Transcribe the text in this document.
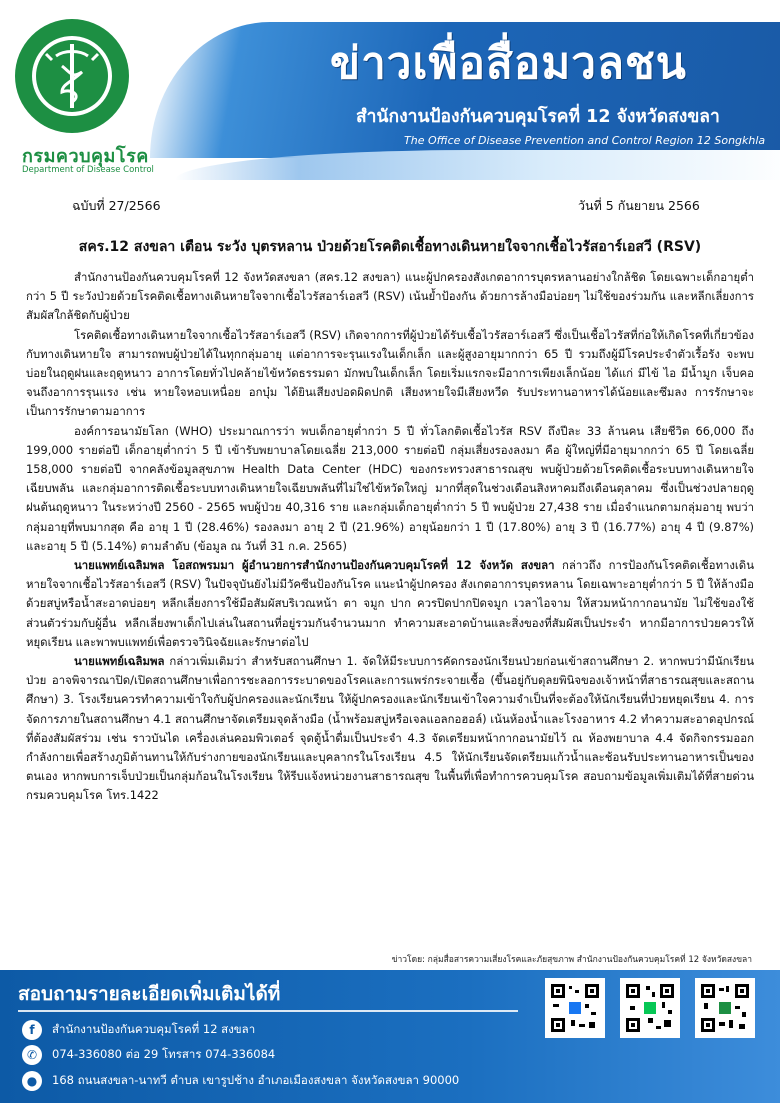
กรมควบคุมโรค
Department of Disease Control
ข่าวเพื่อสื่อมวลชน
สำนักงานป้องกันควบคุมโรคที่ 12 จังหวัดสงขลา
The Office of Disease Prevention and Control Region 12 Songkhla
ฉบับที่ 27/2566	วันที่ 5 กันยายน 2566
สคร.12 สงขลา เตือน ระวัง บุตรหลาน ป่วยด้วยโรคติดเชื้อทางเดินหายใจจากเชื้อไวรัสอาร์เอสวี (RSV)

สำนักงานป้องกันควบคุมโรคที่ 12 จังหวัดสงขลา (สคร.12 สงขลา) แนะผู้ปกครองสังเกตอาการบุตรหลานอย่างใกล้ชิด โดยเฉพาะเด็กอายุต่ำกว่า 5 ปี ระวังป่วยด้วยโรคติดเชื้อทางเดินหายใจจากเชื้อไวรัสอาร์เอสวี (RSV) เน้นย้ำป้องกัน ด้วยการล้างมือบ่อยๆ ไม่ใช้ของร่วมกัน และหลีกเลี่ยงการสัมผัสใกล้ชิดกับผู้ป่วย

โรคติดเชื้อทางเดินหายใจจากเชื้อไวรัสอาร์เอสวี (RSV) เกิดจากการที่ผู้ป่วยได้รับเชื้อไวรัสอาร์เอสวี ซึ่งเป็นเชื้อไวรัสที่ก่อให้เกิดโรคที่เกี่ยวข้องกับทางเดินหายใจ สามารถพบผู้ป่วยได้ในทุกกลุ่มอายุ แต่อาการจะรุนแรงในเด็กเล็ก และผู้สูงอายุมากกว่า 65 ปี รวมถึงผู้มีโรคประจำตัวเรื้อรัง จะพบบ่อยในฤดูฝนและฤดูหนาว อาการโดยทั่วไปคล้ายไข้หวัดธรรมดา มักพบในเด็กเล็ก โดยเริ่มแรกจะมีอาการเพียงเล็กน้อย ได้แก่ มีไข้ ไอ มีน้ำมูก เจ็บคอ จนถึงอาการรุนแรง เช่น หายใจหอบเหนื่อย อกบุ๋ม ได้ยินเสียงปอดผิดปกติ เสียงหายใจมีเสียงหวีด รับประทานอาหารได้น้อยและซึมลง การรักษาจะเป็นการรักษาตามอาการ

องค์การอนามัยโลก (WHO) ประมาณการว่า พบเด็กอายุต่ำกว่า 5 ปี ทั่วโลกติดเชื้อไวรัส RSV ถึงปีละ 33 ล้านคน เสียชีวิต 66,000 ถึง 199,000 รายต่อปี เด็กอายุต่ำกว่า 5 ปี เข้ารับพยาบาลโดยเฉลี่ย 213,000 รายต่อปี กลุ่มเสี่ยงรองลงมา คือ ผู้ใหญ่ที่มีอายุมากกว่า 65 ปี โดยเฉลี่ย 158,000 รายต่อปี จากคลังข้อมูลสุขภาพ Health Data Center (HDC) ของกระทรวงสาธารณสุข พบผู้ป่วยด้วยโรคติดเชื้อระบบทางเดินหายใจเฉียบพลัน และกลุ่มอาการติดเชื้อระบบทางเดินหายใจเฉียบพลันที่ไม่ใช่ไข้หวัดใหญ่ มากที่สุดในช่วงเดือนสิงหาคมถึงเดือนตุลาคม ซึ่งเป็นช่วงปลายฤดูฝนต้นฤดูหนาว ในระหว่างปี 2560 - 2565 พบผู้ป่วย 40,316 ราย และกลุ่มเด็กอายุต่ำกว่า 5 ปี พบผู้ป่วย 27,438 ราย เมื่อจำแนกตามกลุ่มอายุ พบว่า กลุ่มอายุที่พบมากสุด คือ อายุ 1 ปี (28.46%) รองลงมา อายุ 2 ปี (21.96%) อายุน้อยกว่า 1 ปี (17.80%) อายุ 3 ปี (16.77%) อายุ 4 ปี (9.87%) และอายุ 5 ปี (5.14%) ตามลำดับ (ข้อมูล ณ วันที่ 31 ก.ค. 2565)

นายแพทย์เฉลิมพล โอสถพรมมา ผู้อำนวยการสำนักงานป้องกันควบคุมโรคที่ 12 จังหวัด สงขลา กล่าวถึง การป้องกันโรคติดเชื้อทางเดินหายใจจากเชื้อไวรัสอาร์เอสวี (RSV) ในปัจจุบันยังไม่มีวัคซีนป้องกันโรค แนะนำผู้ปกครอง สังเกตอาการบุตรหลาน โดยเฉพาะอายุต่ำกว่า 5 ปี ให้ล้างมือด้วยสบู่หรือน้ำสะอาดบ่อยๆ หลีกเลี่ยงการใช้มือสัมผัสบริเวณหน้า ตา จมูก ปาก ควรปิดปากปิดจมูก เวลาไอจาม ให้สวมหน้ากากอนามัย ไม่ใช้ของใช้ส่วนตัวร่วมกับผู้อื่น หลีกเลี่ยงพาเด็กไปเล่นในสถานที่อยู่รวมกันจำนวนมาก ทำความสะอาดบ้านและสิ่งของที่สัมผัสเป็นประจำ หากมีอาการป่วยควรให้หยุดเรียน และพาพบแพทย์เพื่อตรวจวินิจฉัยและรักษาต่อไป

นายแพทย์เฉลิมพล กล่าวเพิ่มเติมว่า สำหรับสถานศึกษา 1. จัดให้มีระบบการคัดกรองนักเรียนป่วยก่อนเข้าสถานศึกษา 2. หากพบว่ามีนักเรียนป่วย อาจพิจารณาปิด/เปิดสถานศึกษาเพื่อการชะลอการระบาดของโรคและการแพร่กระจายเชื้อ (ขึ้นอยู่กับดุลยพินิจของเจ้าหน้าที่สาธารณสุขและสถานศึกษา) 3. โรงเรียนควรทำความเข้าใจกับผู้ปกครองและนักเรียน ให้ผู้ปกครองและนักเรียนเข้าใจความจำเป็นที่จะต้องให้นักเรียนที่ป่วยหยุดเรียน 4. การจัดการภายในสถานศึกษา 4.1 สถานศึกษาจัดเตรียมจุดล้างมือ (น้ำพร้อมสบู่หรือเจลแอลกอฮอล์) เน้นห้องน้ำและโรงอาหาร 4.2 ทำความสะอาดอุปกรณ์ที่ต้องสัมผัสร่วม เช่น ราวบันได เครื่องเล่นคอมพิวเตอร์ จุดตู้น้ำดื่มเป็นประจำ 4.3 จัดเตรียมหน้ากากอนามัยไว้ ณ ห้องพยาบาล 4.4 จัดกิจกรรมออกกำลังกายเพื่อสร้างภูมิต้านทานให้กับร่างกายของนักเรียนและบุคลากรในโรงเรียน 4.5 ให้นักเรียนจัดเตรียมแก้วน้ำและช้อนรับประทานอาหารเป็นของตนเอง หากพบการเจ็บป่วยเป็นกลุ่มก้อนในโรงเรียน ให้รีบแจ้งหน่วยงานสาธารณสุข ในพื้นที่เพื่อทำการควบคุมโรค สอบถามข้อมูลเพิ่มเติมได้ที่สายด่วนกรมควบคุมโรค โทร.1422

ข่าวโดย: กลุ่มสื่อสารความเสี่ยงโรคและภัยสุขภาพ สำนักงานป้องกันควบคุมโรคที่ 12 จังหวัดสงขลา
สอบถามรายละเอียดเพิ่มเติมได้ที่
f	สำนักงานป้องกันควบคุมโรคที่ 12 สงขลา
✆	074-336080 ต่อ 29 โทรสาร 074-336084
●	168 ถนนสงขลา-นาทวี ตำบล เขารูปช้าง อำเภอเมืองสงขลา จังหวัดสงขลา 90000
